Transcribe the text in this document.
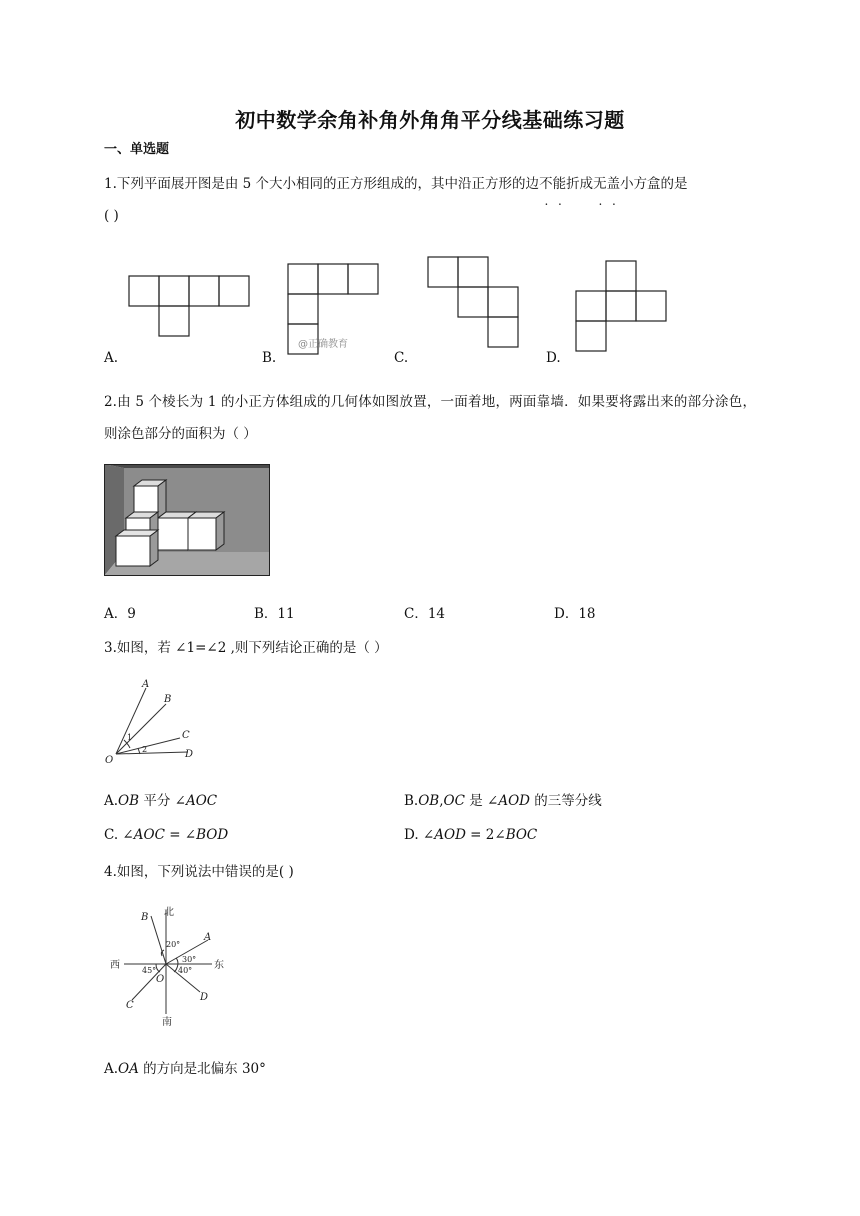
初中数学余角补角外角角平分线基础练习题
一、单选题
1.下列平面展开图是由 5 个大小相同的正方形组成的，其中沿正方形的边不能折成无盖小方盒的是
( )
@正确教育
A.	B.	C.	D.
2.由 5 个棱长为 1 的小正方体组成的几何体如图放置，一面着地，两面靠墙．如果要将露出来的部分涂色，则涂色部分的面积为（ ）
A．9	B．11	C．14	D．18
3.如图，若 ∠1=∠2 ,则下列结论正确的是（ ）
A
B
C
D
O
1
2
A.OB 平分 ∠AOC	B.OB,OC 是 ∠AOD 的三等分线
C. ∠AOC = ∠BOD	D. ∠AOD = 2∠BOC
4.如图，下列说法中错误的是( )
北
南
西	东
B
A
C
D
O
20°
30°
45°	40°
A.OA 的方向是北偏东 30°
